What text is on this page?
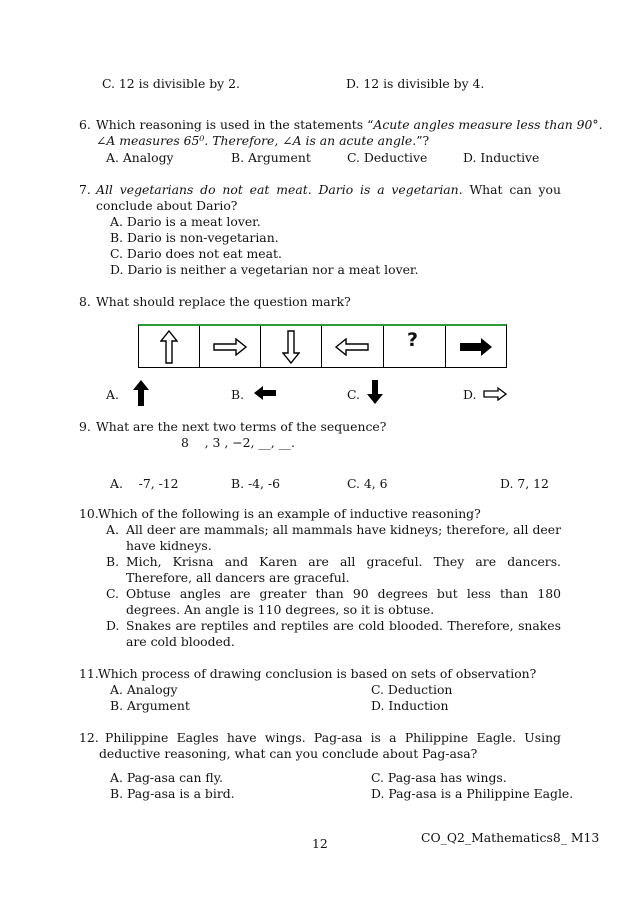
C. 12 is divisible by 2.	D. 12 is divisible by 4.
6. Which reasoning is used in the statements “Acute angles measure less than 90°.
∠A measures 65⁰. Therefore, ∠A is an acute angle.”?
A. Analogy	B. Argument	C. Deductive	D. Inductive
7. All vegetarians do not eat meat. Dario is a vegetarian. What can you conclude about Dario?
A. Dario is a meat lover.
B. Dario is non-vegetarian.
C. Dario does not eat meat.
D. Dario is neither a vegetarian nor a meat lover.
8. What should replace the question mark?
?
A.	B.	C.	D.
9. What are the next two terms of the sequence?
8    , 3 , −2, __, __.
A.    -7, -12	B. -4, -6	C. 4, 6	D. 7, 12
10. Which of the following is an example of inductive reasoning?
A. All deer are mammals; all mammals have kidneys; therefore, all deer have kidneys.
B. Mich, Krisna and Karen are all graceful. They are dancers. Therefore, all dancers are graceful.
C. Obtuse angles are greater than 90 degrees but less than 180 degrees. An angle is 110 degrees, so it is obtuse.
D. Snakes are reptiles and reptiles are cold blooded. Therefore, snakes are cold blooded.
11. Which process of drawing conclusion is based on sets of observation?
A. Analogy
B. Argument
C. Deduction
D. Induction
12. Philippine Eagles have wings. Pag-asa is a Philippine Eagle. Using deductive reasoning, what can you conclude about Pag-asa?
A. Pag-asa can fly.
B. Pag-asa is a bird.
C. Pag-asa has wings.
D. Pag-asa is a Philippine Eagle.
12	CO_Q2_Mathematics8_ M13
